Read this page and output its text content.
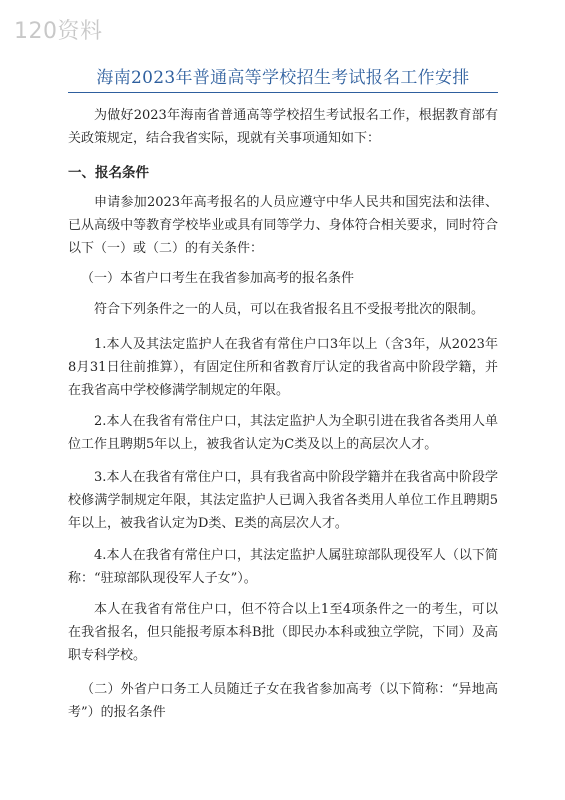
120资料
海南2023年普通高等学校招生考试报名工作安排
为做好2023年海南省普通高等学校招生考试报名工作，根据教育部有关政策规定，结合我省实际，现就有关事项通知如下：
一、报名条件
申请参加2023年高考报名的人员应遵守中华人民共和国宪法和法律、已从高级中等教育学校毕业或具有同等学力、身体符合相关要求，同时符合以下（一）或（二）的有关条件：
（一）本省户口考生在我省参加高考的报名条件
符合下列条件之一的人员，可以在我省报名且不受报考批次的限制。
1.本人及其法定监护人在我省有常住户口3年以上（含3年，从2023年8月31日往前推算），有固定住所和省教育厅认定的我省高中阶段学籍，并在我省高中学校修满学制规定的年限。
2.本人在我省有常住户口，其法定监护人为全职引进在我省各类用人单位工作且聘期5年以上，被我省认定为C类及以上的高层次人才。
3.本人在我省有常住户口，具有我省高中阶段学籍并在我省高中阶段学校修满学制规定年限，其法定监护人已调入我省各类用人单位工作且聘期5年以上，被我省认定为D类、E类的高层次人才。
4.本人在我省有常住户口，其法定监护人属驻琼部队现役军人（以下简称：“驻琼部队现役军人子女”）。
本人在我省有常住户口，但不符合以上1至4项条件之一的考生，可以在我省报名，但只能报考原本科B批（即民办本科或独立学院，下同）及高职专科学校。
（二）外省户口务工人员随迁子女在我省参加高考（以下简称：“异地高考”）的报名条件
